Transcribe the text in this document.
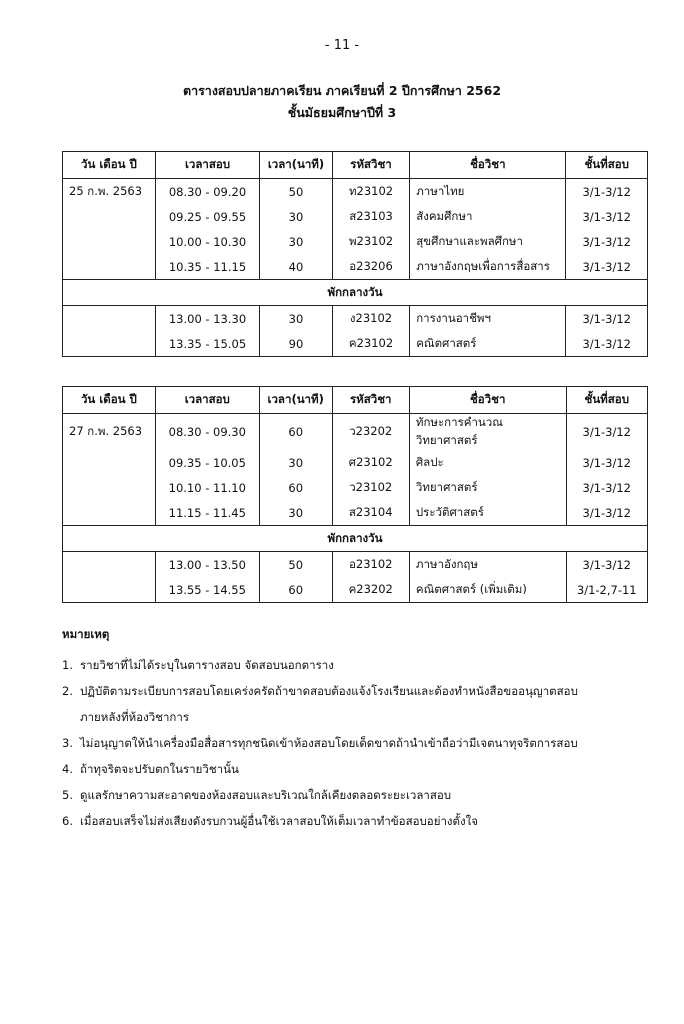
- 11 -
ตารางสอบปลายภาคเรียน ภาคเรียนที่ 2 ปีการศึกษา 2562
ชั้นมัธยมศึกษาปีที่ 3
วัน เดือน ปี	เวลาสอบ	เวลา(นาที)	รหัสวิชา	ชื่อวิชา	ชั้นที่สอบ
25 ก.พ. 2563	08.30 - 09.20	50	ท23102	ภาษาไทย	3/1-3/12
	09.25 - 09.55	30	ส23103	สังคมศึกษา	3/1-3/12
	10.00 - 10.30	30	พ23102	สุขศึกษาและพลศึกษา	3/1-3/12
	10.35 - 11.15	40	อ23206	ภาษาอังกฤษเพื่อการสื่อสาร	3/1-3/12
พักกลางวัน					
	13.00 - 13.30	30	ง23102	การงานอาชีพฯ	3/1-3/12
	13.35 - 15.05	90	ค23102	คณิตศาสตร์	3/1-3/12
วัน เดือน ปี	เวลาสอบ	เวลา(นาที)	รหัสวิชา	ชื่อวิชา	ชั้นที่สอบ
27 ก.พ. 2563	08.30 - 09.30	60	ว23202	ทักษะการคำนวณวิทยาศาสตร์	3/1-3/12
	09.35 - 10.05	30	ศ23102	ศิลปะ	3/1-3/12
	10.10 - 11.10	60	ว23102	วิทยาศาสตร์	3/1-3/12
	11.15 - 11.45	30	ส23104	ประวัติศาสตร์	3/1-3/12
พักกลางวัน					
	13.00 - 13.50	50	อ23102	ภาษาอังกฤษ	3/1-3/12
	13.55 - 14.55	60	ค23202	คณิตศาสตร์ (เพิ่มเติม)	3/1-2,7-11
หมายเหตุ
1. รายวิชาที่ไม่ได้ระบุในตารางสอบ จัดสอบนอกตาราง
2. ปฏิบัติตามระเบียบการสอบโดยเคร่งครัดถ้าขาดสอบต้องแจ้งโรงเรียนและต้องทำหนังสือขออนุญาตสอบ
ภายหลังที่ห้องวิชาการ
3. ไม่อนุญาตให้นำเครื่องมือสื่อสารทุกชนิดเข้าห้องสอบโดยเด็ดขาดถ้านำเข้าถือว่ามีเจตนาทุจริตการสอบ
4. ถ้าทุจริตจะปรับตกในรายวิชานั้น
5. ดูแลรักษาความสะอาดของห้องสอบและบริเวณใกล้เคียงตลอดระยะเวลาสอบ
6. เมื่อสอบเสร็จไม่ส่งเสียงดังรบกวนผู้อื่นใช้เวลาสอบให้เต็มเวลาทำข้อสอบอย่างตั้งใจ
